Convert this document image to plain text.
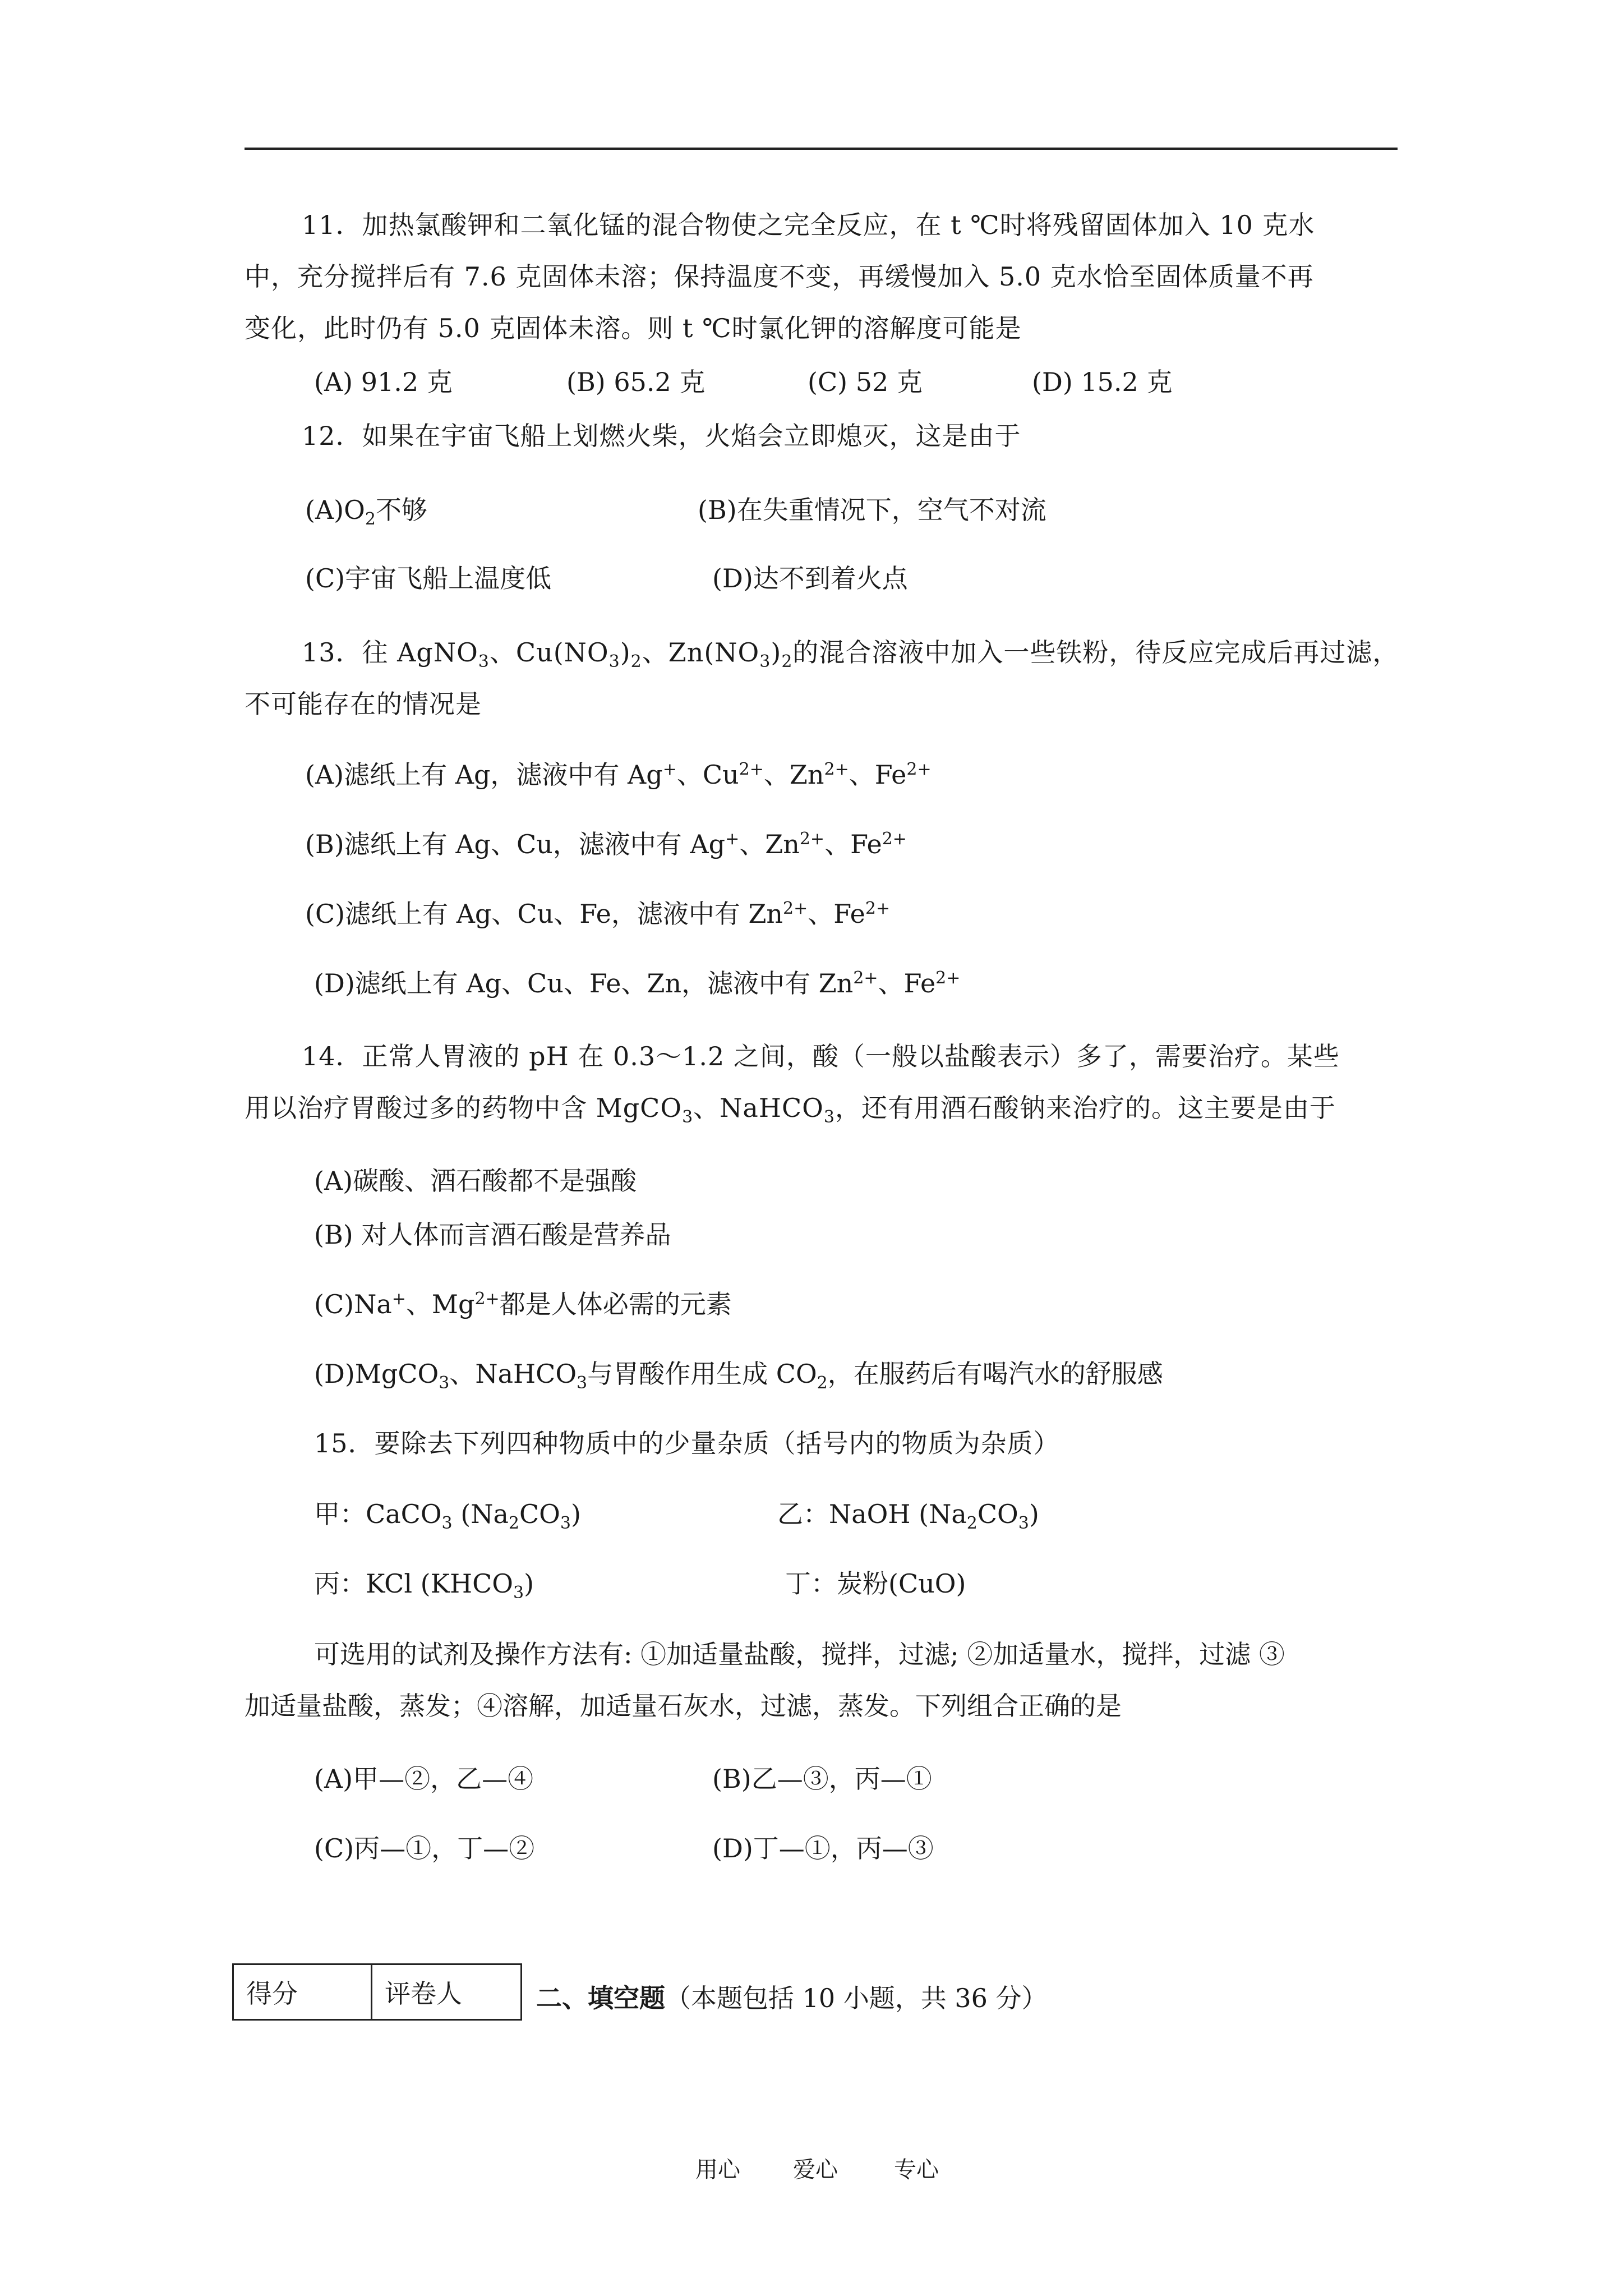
11．加热氯酸钾和二氧化锰的混合物使之完全反应，在 t ℃时将残留固体加入 10 克水
中，充分搅拌后有 7.6 克固体未溶；保持温度不变，再缓慢加入 5.0 克水恰至固体质量不再
变化，此时仍有 5.0 克固体未溶。则 t ℃时氯化钾的溶解度可能是
(A) 91.2 克	(B) 65.2 克	(C) 52 克	(D) 15.2 克
12．如果在宇宙飞船上划燃火柴，火焰会立即熄灭，这是由于
$(A)O_2$不够	(B)在失重情况下，空气不对流
(C)宇宙飞船上温度低	(D)达不到着火点
13．往 AgNO$_3$、$Cu(NO_3)_2$、$Zn(NO_3)_2$的混合溶液中加入一些铁粉，待反应完成后再过滤，
不可能存在的情况是
(A)滤纸上有 Ag，滤液中有 Ag+、$Cu^{2+}$、$Zn^{2+}$、$Fe^{2+}$
(B)滤纸上有 Ag、Cu，滤液中有 Ag+、$Zn^{2+}$、$Fe^{2+}$
(C)滤纸上有 Ag、Cu、Fe，滤液中有 $Zn^{2+}$、$Fe^{2+}$
(D)滤纸上有 Ag、Cu、Fe、Zn，滤液中有 $Zn^{2+}$、$Fe^{2+}$
14．正常人胃液的 pH 在 0.3～1.2 之间，酸（一般以盐酸表示）多了，需要治疗。某些
用以治疗胃酸过多的药物中含 MgCO$_3$、NaHCO$_3$，还有用酒石酸钠来治疗的。这主要是由于
(A)碳酸、酒石酸都不是强酸
(B) 对人体而言酒石酸是营养品
(C)Na+、$Mg^{2+}$都是人体必需的元素
(D)MgCO$_3$、NaHCO$_3$与胃酸作用生成 $CO_2$，在服药后有喝汽水的舒服感
15．要除去下列四种物质中的少量杂质（括号内的物质为杂质）
甲：CaCO$_3$ $(Na_2CO_3)$	乙：NaOH $(Na_2CO_3)$
丙：KCl $(KHCO_3)$	丁：炭粉(CuO)
可选用的试剂及操作方法有: ①加适量盐酸，搅拌，过滤; ②加适量水，搅拌，过滤 ③
加适量盐酸，蒸发；④溶解，加适量石灰水，过滤，蒸发。下列组合正确的是
(A)甲—②，乙—④	(B)乙—③，丙—①
(C)丙—①，丁—②	(D)丁—①，丙—③
得分	评卷人	二、填空题（本题包括 10 小题，共 36 分）
用心 爱心	专心
